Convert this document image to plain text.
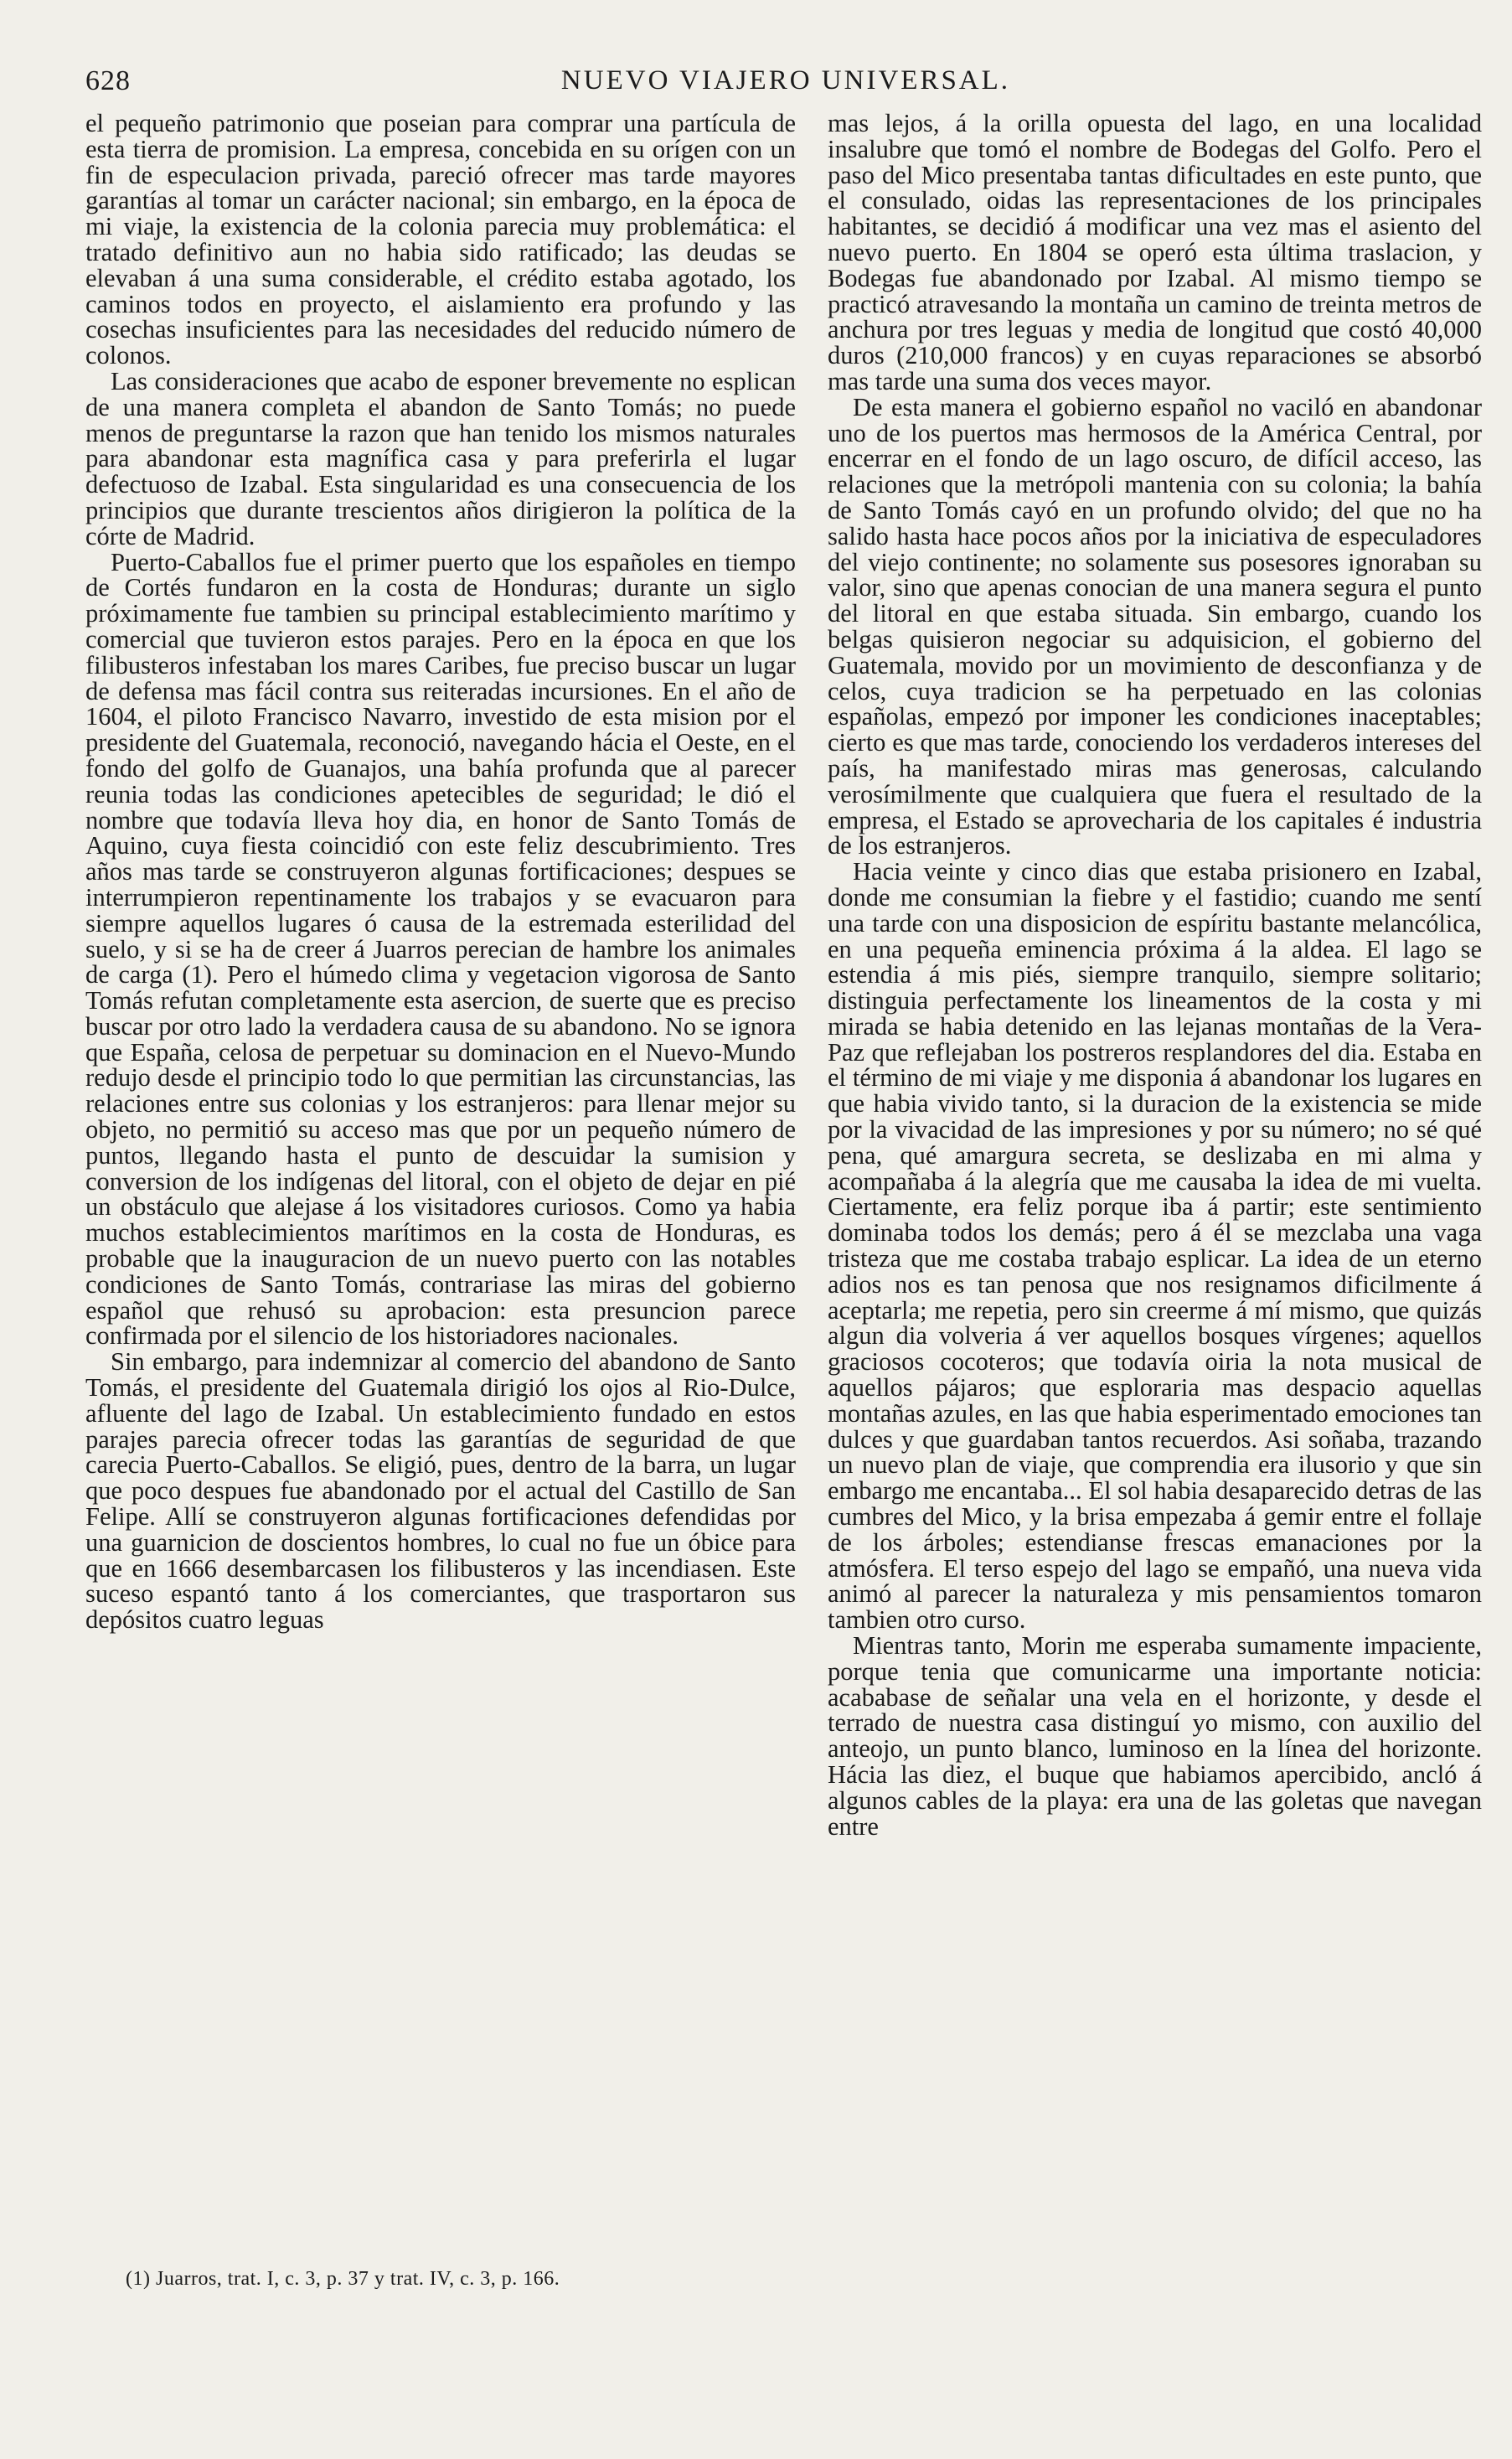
628	NUEVO VIAJERO UNIVERSAL.

el pequeño patrimonio que poseian para comprar una partícula de esta tierra de promision. La empresa, concebida en su orígen con un fin de especulacion privada, pareció ofrecer mas tarde mayores garantías al tomar un carácter nacional; sin embargo, en la época de mi viaje, la existencia de la colonia parecia muy problemática: el tratado definitivo aun no habia sido ratificado; las deudas se elevaban á una suma considerable, el crédito estaba agotado, los caminos todos en proyecto, el aislamiento era profundo y las cosechas insuficientes para las necesidades del reducido número de colonos.

Las consideraciones que acabo de esponer brevemente no esplican de una manera completa el abandon de Santo Tomás; no puede menos de preguntarse la razon que han tenido los mismos naturales para abandonar esta magnífica casa y para preferirla el lugar defectuoso de Izabal. Esta singularidad es una consecuencia de los principios que durante trescientos años dirigieron la política de la córte de Madrid.

Puerto-Caballos fue el primer puerto que los españoles en tiempo de Cortés fundaron en la costa de Honduras; durante un siglo próximamente fue tambien su principal establecimiento marítimo y comercial que tuvieron estos parajes. Pero en la época en que los filibusteros infestaban los mares Caribes, fue preciso buscar un lugar de defensa mas fácil contra sus reiteradas incursiones. En el año de 1604, el piloto Francisco Navarro, investido de esta mision por el presidente del Guatemala, reconoció, navegando hácia el Oeste, en el fondo del golfo de Guanajos, una bahía profunda que al parecer reunia todas las condiciones apetecibles de seguridad; le dió el nombre que todavía lleva hoy dia, en honor de Santo Tomás de Aquino, cuya fiesta coincidió con este feliz descubrimiento. Tres años mas tarde se construyeron algunas fortificaciones; despues se interrumpieron repentinamente los trabajos y se evacuaron para siempre aquellos lugares ó causa de la estremada esterilidad del suelo, y si se ha de creer á Juarros perecian de hambre los animales de carga (1). Pero el húmedo clima y vegetacion vigorosa de Santo Tomás refutan completamente esta asercion, de suerte que es preciso buscar por otro lado la verdadera causa de su abandono. No se ignora que España, celosa de perpetuar su dominacion en el Nuevo-Mundo redujo desde el principio todo lo que permitian las circunstancias, las relaciones entre sus colonias y los estranjeros: para llenar mejor su objeto, no permitió su acceso mas que por un pequeño número de puntos, llegando hasta el punto de descuidar la sumision y conversion de los indígenas del litoral, con el objeto de dejar en pié un obstáculo que alejase á los visitadores curiosos. Como ya habia muchos establecimientos marítimos en la costa de Honduras, es probable que la inauguracion de un nuevo puerto con las notables condiciones de Santo Tomás, contrariase las miras del gobierno español que rehusó su aprobacion: esta presuncion parece confirmada por el silencio de los historiadores nacionales.

Sin embargo, para indemnizar al comercio del abandono de Santo Tomás, el presidente del Guatemala dirigió los ojos al Rio-Dulce, afluente del lago de Izabal. Un establecimiento fundado en estos parajes parecia ofrecer todas las garantías de seguridad de que carecia Puerto-Caballos. Se eligió, pues, dentro de la barra, un lugar que poco despues fue abandonado por el actual del Castillo de San Felipe. Allí se construyeron algunas fortificaciones defendidas por una guarnicion de doscientos hombres, lo cual no fue un óbice para que en 1666 desembarcasen los filibusteros y las incendiasen. Este suceso espantó tanto á los comerciantes, que trasportaron sus depósitos cuatro leguas

mas lejos, á la orilla opuesta del lago, en una localidad insalubre que tomó el nombre de Bodegas del Golfo. Pero el paso del Mico presentaba tantas dificultades en este punto, que el consulado, oidas las representaciones de los principales habitantes, se decidió á modificar una vez mas el asiento del nuevo puerto. En 1804 se operó esta última traslacion, y Bodegas fue abandonado por Izabal. Al mismo tiempo se practicó atravesando la montaña un camino de treinta metros de anchura por tres leguas y media de longitud que costó 40,000 duros (210,000 francos) y en cuyas reparaciones se absorbó mas tarde una suma dos veces mayor.

De esta manera el gobierno español no vaciló en abandonar uno de los puertos mas hermosos de la América Central, por encerrar en el fondo de un lago oscuro, de difícil acceso, las relaciones que la metrópoli mantenia con su colonia; la bahía de Santo Tomás cayó en un profundo olvido; del que no ha salido hasta hace pocos años por la iniciativa de especuladores del viejo continente; no solamente sus posesores ignoraban su valor, sino que apenas conocian de una manera segura el punto del litoral en que estaba situada. Sin embargo, cuando los belgas quisieron negociar su adquisicion, el gobierno del Guatemala, movido por un movimiento de desconfianza y de celos, cuya tradicion se ha perpetuado en las colonias españolas, empezó por imponer les condiciones inaceptables; cierto es que mas tarde, conociendo los verdaderos intereses del país, ha manifestado miras mas generosas, calculando verosímilmente que cualquiera que fuera el resultado de la empresa, el Estado se aprovecharia de los capitales é industria de los estranjeros.

Hacia veinte y cinco dias que estaba prisionero en Izabal, donde me consumian la fiebre y el fastidio; cuando me sentí una tarde con una disposicion de espíritu bastante melancólica, en una pequeña eminencia próxima á la aldea. El lago se estendia á mis piés, siempre tranquilo, siempre solitario; distinguia perfectamente los lineamentos de la costa y mi mirada se habia detenido en las lejanas montañas de la Vera-Paz que reflejaban los postreros resplandores del dia. Estaba en el término de mi viaje y me disponia á abandonar los lugares en que habia vivido tanto, si la duracion de la existencia se mide por la vivacidad de las impresiones y por su número; no sé qué pena, qué amargura secreta, se deslizaba en mi alma y acompañaba á la alegría que me causaba la idea de mi vuelta. Ciertamente, era feliz porque iba á partir; este sentimiento dominaba todos los demás; pero á él se mezclaba una vaga tristeza que me costaba trabajo esplicar. La idea de un eterno adios nos es tan penosa que nos resignamos dificilmente á aceptarla; me repetia, pero sin creerme á mí mismo, que quizás algun dia volveria á ver aquellos bosques vírgenes; aquellos graciosos cocoteros; que todavía oiria la nota musical de aquellos pájaros; que esploraria mas despacio aquellas montañas azules, en las que habia esperimentado emociones tan dulces y que guardaban tantos recuerdos. Asi soñaba, trazando un nuevo plan de viaje, que comprendia era ilusorio y que sin embargo me encantaba... El sol habia desaparecido detras de las cumbres del Mico, y la brisa empezaba á gemir entre el follaje de los árboles; estendianse frescas emanaciones por la atmósfera. El terso espejo del lago se empañó, una nueva vida animó al parecer la naturaleza y mis pensamientos tomaron tambien otro curso.

Mientras tanto, Morin me esperaba sumamente impaciente, porque tenia que comunicarme una importante noticia: acababase de señalar una vela en el horizonte, y desde el terrado de nuestra casa distinguí yo mismo, con auxilio del anteojo, un punto blanco, luminoso en la línea del horizonte. Hácia las diez, el buque que habiamos apercibido, ancló á algunos cables de la playa: era una de las goletas que navegan entre

(1) Juarros, trat. I, c. 3, p. 37 y trat. IV, c. 3, p. 166.
